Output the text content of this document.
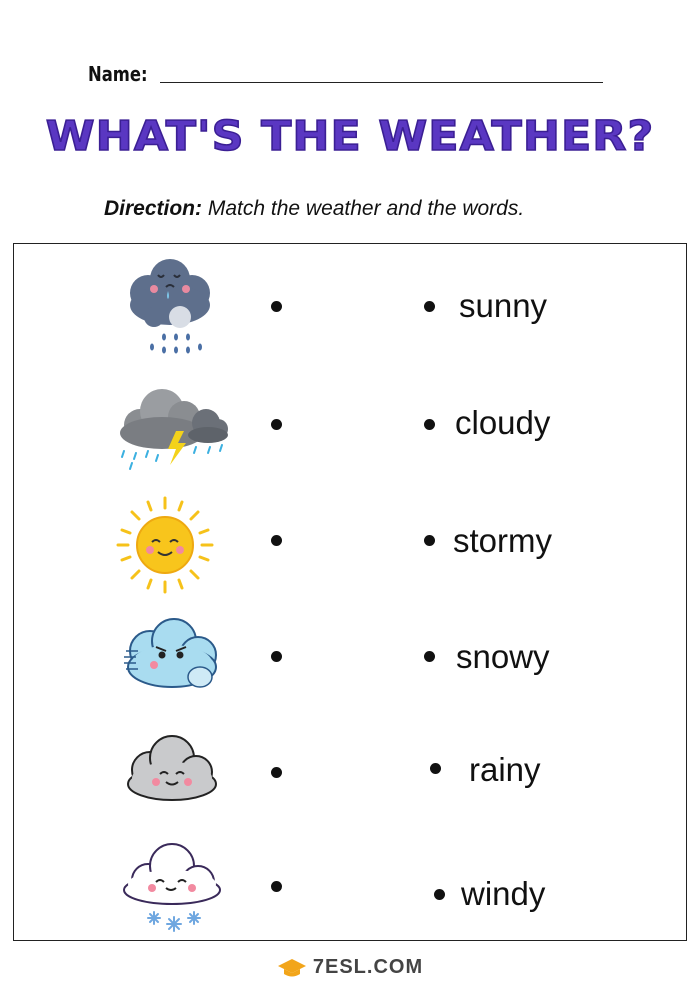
Name:
WHAT'S THE WEATHER?
Direction: Match the weather and the words.
sunny
cloudy
stormy
snowy
rainy
windy
7ESL.COM
